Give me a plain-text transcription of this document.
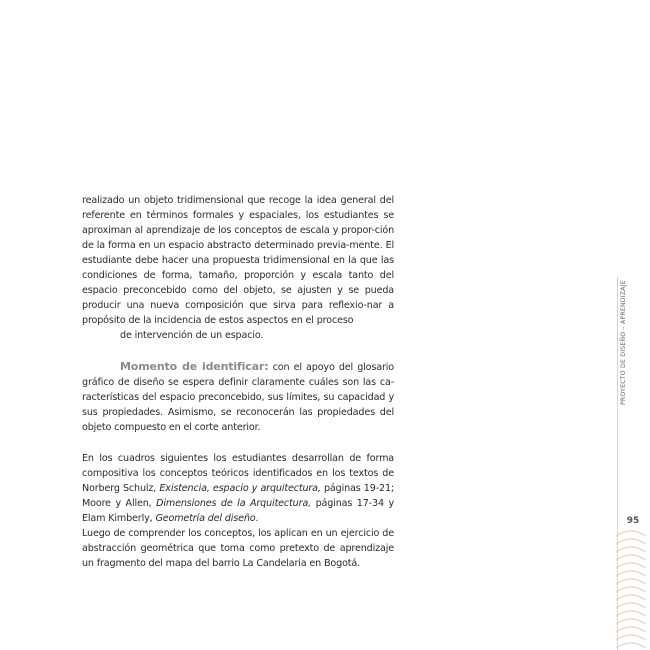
realizado un objeto tridimensional que recoge la idea general del referente en términos formales y espaciales, los estudiantes se aproximan al aprendizaje de los conceptos de escala y propor-ción de la forma en un espacio abstracto determinado previa-mente. El estudiante debe hacer una propuesta tridimensional en la que las condiciones de forma, tamaño, proporción y escala tanto del espacio preconcebido como del objeto, se ajusten y se pueda producir una nueva composición que sirva para reflexio-nar a propósito de la incidencia de estos aspectos en el proceso

de intervención de un espacio.

Momento de identificar: con el apoyo del glosario gráfico de diseño se espera definir claramente cuáles son las ca-racterísticas del espacio preconcebido, sus límites, su capacidad y sus propiedades. Asimismo, se reconocerán las propiedades del objeto compuesto en el corte anterior.

En los cuadros siguientes los estudiantes desarrollan de forma compositiva los conceptos teóricos identificados en los textos de Norberg Schulz, Existencia, espacio y arquitectura, páginas 19-21; Moore y Allen, Dimensiones de la Arquitectura, páginas 17-34 y Elam Kimberly, Geometría del diseño.

Luego de comprender los conceptos, los aplican en un ejercicio de abstracción geométrica que toma como pretexto de aprendizaje un fragmento del mapa del barrio La Candelaria en Bogotá.

PROYECTO DE DISEÑO – APRENDIZAJE
95
